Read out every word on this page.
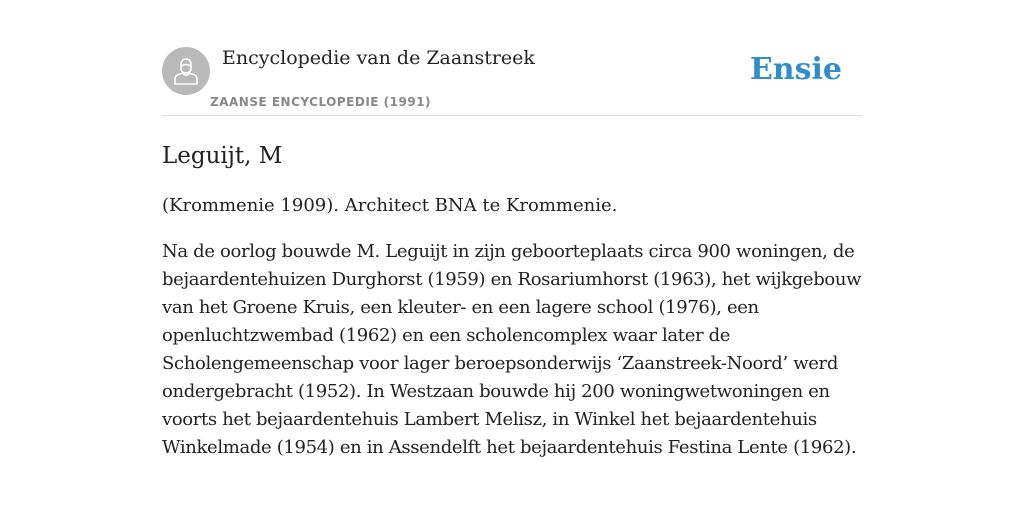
Encyclopedie van de Zaanstreek
ZAANSE ENCYCLOPEDIE (1991)
Ensie
Leguijt, M

(Krommenie 1909). Architect BNA te Krommenie.

Na de oorlog bouwde M. Leguijt in zijn geboorteplaats circa 900 woningen, de bejaardentehuizen Durghorst (1959) en Rosariumhorst (1963), het wijkgebouw van het Groene Kruis, een kleuter- en een lagere school (1976), een openluchtzwembad (1962) en een scholencomplex waar later de Scholengemeenschap voor lager beroepsonderwijs ‘Zaanstreek-Noord’ werd ondergebracht (1952). In Westzaan bouwde hij 200 woningwetwoningen en voorts het bejaardentehuis Lambert Melisz, in Winkel het bejaardentehuis Winkelmade (1954) en in Assendelft het bejaardentehuis Festina Lente (1962).
